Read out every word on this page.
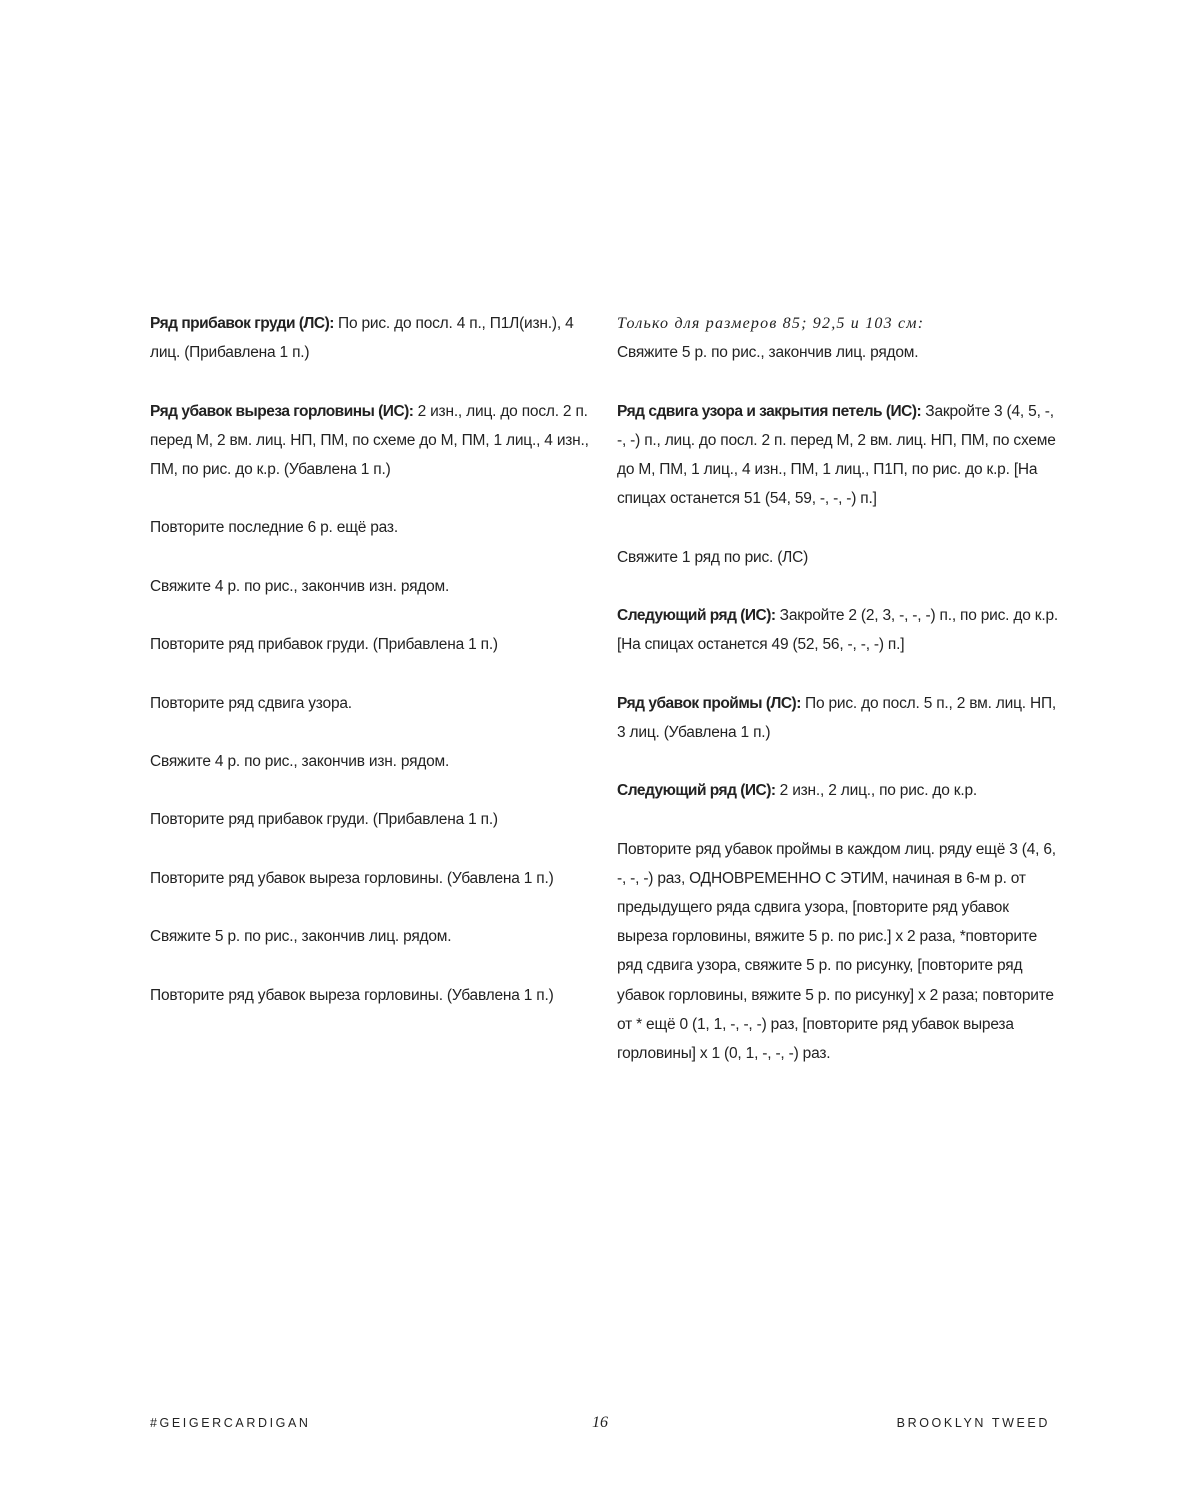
Ряд прибавок груди (ЛС): По рис. до посл. 4 п., П1Л(изн.), 4 лиц. (Прибавлена 1 п.)

Ряд убавок выреза горловины (ИС): 2 изн., лиц. до посл. 2 п. перед М, 2 вм. лиц. НП, ПМ, по схеме до М, ПМ, 1 лиц., 4 изн., ПМ, по рис. до к.р. (Убавлена 1 п.)

Повторите последние 6 р. ещё раз.

Свяжите 4 р. по рис., закончив изн. рядом.

Повторите ряд прибавок груди. (Прибавлена 1 п.)

Повторите ряд сдвига узора.

Свяжите 4 р. по рис., закончив изн. рядом.

Повторите ряд прибавок груди. (Прибавлена 1 п.)

Повторите ряд убавок выреза горловины. (Убавлена 1 п.)

Свяжите 5 р. по рис., закончив лиц. рядом.

Повторите ряд убавок выреза горловины. (Убавлена 1 п.)

Только для размеров 85; 92,5 и 103 см:
Свяжите 5 р. по рис., закончив лиц. рядом.

Ряд сдвига узора и закрытия петель (ИС): Закройте 3 (4, 5, -, -, -) п., лиц. до посл. 2 п. перед М, 2 вм. лиц. НП, ПМ, по схеме до М, ПМ, 1 лиц., 4 изн., ПМ, 1 лиц., П1П, по рис. до к.р. [На спицах останется 51 (54, 59, -, -, -) п.]

Свяжите 1 ряд по рис. (ЛС)

Следующий ряд (ИС): Закройте 2 (2, 3, -, -, -) п., по рис. до к.р. [На спицах останется 49 (52, 56, -, -, -) п.]

Ряд убавок проймы (ЛС): По рис. до посл. 5 п., 2 вм. лиц. НП, 3 лиц. (Убавлена 1 п.)

Следующий ряд (ИС): 2 изн., 2 лиц., по рис. до к.р.

Повторите ряд убавок проймы в каждом лиц. ряду ещё 3 (4, 6, -, -, -) раз, ОДНОВРЕМЕННО С ЭТИМ, начиная в 6-м р. от предыдущего ряда сдвига узора, [повторите ряд убавок выреза горловины, вяжите 5 р. по рис.] х 2 раза, *повторите ряд сдвига узора, свяжите 5 р. по рисунку, [повторите ряд убавок горловины, вяжите 5 р. по рисунку] х 2 раза; повторите от * ещё 0 (1, 1, -, -, -) раз, [повторите ряд убавок выреза горловины] х 1 (0, 1, -, -, -) раз.

#GEIGERCARDIGAN	16	BROOKLYN TWEED
